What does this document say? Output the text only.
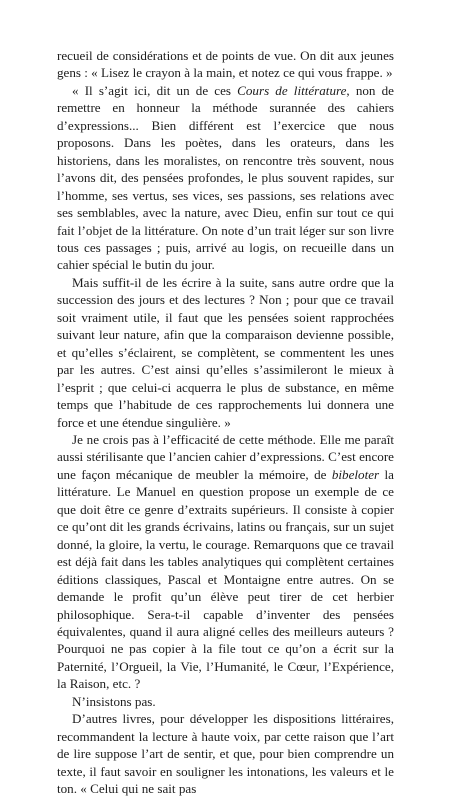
recueil de considérations et de points de vue. On dit aux jeunes gens : « Lisez le crayon à la main, et notez ce qui vous frappe. »

« Il s’agit ici, dit un de ces Cours de littérature, non de remettre en honneur la méthode surannée des cahiers d’expressions... Bien différent est l’exercice que nous proposons. Dans les poètes, dans les orateurs, dans les historiens, dans les moralistes, on rencontre très souvent, nous l’avons dit, des pensées profondes, le plus souvent rapides, sur l’homme, ses vertus, ses vices, ses passions, ses relations avec ses semblables, avec la nature, avec Dieu, enfin sur tout ce qui fait l’objet de la littérature. On note d’un trait léger sur son livre tous ces passages ; puis, arrivé au logis, on recueille dans un cahier spécial le butin du jour.

Mais suffit-il de les écrire à la suite, sans autre ordre que la succession des jours et des lectures ? Non ; pour que ce travail soit vraiment utile, il faut que les pensées soient rapprochées suivant leur nature, afin que la comparaison devienne possible, et qu’elles s’éclairent, se complètent, se commentent les unes par les autres. C’est ainsi qu’elles s’assimileront le mieux à l’esprit ; que celui-ci acquerra le plus de substance, en même temps que l’habitude de ces rapprochements lui donnera une force et une étendue singulière. »

Je ne crois pas à l’efficacité de cette méthode. Elle me paraît aussi stérilisante que l’ancien cahier d’expressions. C’est encore une façon mécanique de meubler la mémoire, de bibeloter la littérature. Le Manuel en question propose un exemple de ce que doit être ce genre d’extraits supérieurs. Il consiste à copier ce qu’ont dit les grands écrivains, latins ou français, sur un sujet donné, la gloire, la vertu, le courage. Remarquons que ce travail est déjà fait dans les tables analytiques qui complètent certaines éditions classiques, Pascal et Montaigne entre autres. On se demande le profit qu’un élève peut tirer de cet herbier philosophique. Sera-t-il capable d’inventer des pensées équivalentes, quand il aura aligné celles des meilleurs auteurs ? Pourquoi ne pas copier à la file tout ce qu’on a écrit sur la Paternité, l’Orgueil, la Vie, l’Humanité, le Cœur, l’Expérience, la Raison, etc. ?

N’insistons pas.

D’autres livres, pour développer les dispositions littéraires, recommandent la lecture à haute voix, par cette raison que l’art de lire suppose l’art de sentir, et que, pour bien comprendre un texte, il faut savoir en souligner les intonations, les valeurs et le ton. « Celui qui ne sait pas
